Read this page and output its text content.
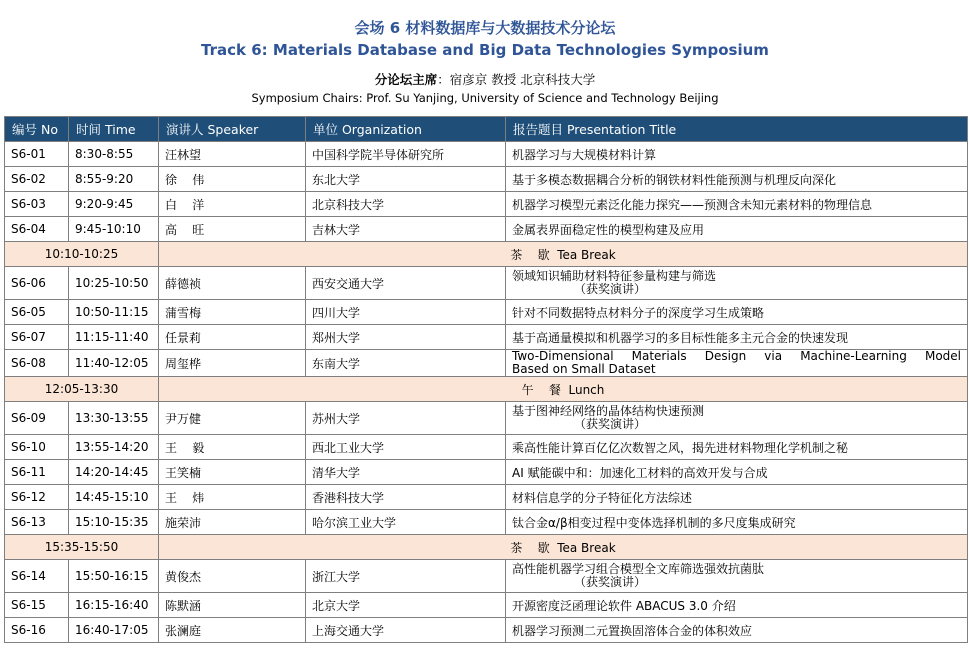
会场 6 材料数据库与大数据技术分论坛
Track 6: Materials Database and Big Data Technologies Symposium
分论坛主席：宿彦京 教授 北京科技大学
Symposium Chairs: Prof. Su Yanjing, University of Science and Technology Beijing
编号 No	时间 Time	演讲人 Speaker	单位 Organization	报告题目 Presentation Title
S6-01	8:30-8:55	汪林望	中国科学院半导体研究所	机器学习与大规模材料计算
S6-02	8:55-9:20	徐    伟	东北大学	基于多模态数据耦合分析的钢铁材料性能预测与机理反向深化
S6-03	9:20-9:45	白    洋	北京科技大学	机器学习模型元素泛化能力探究——预测含未知元素材料的物理信息
S6-04	9:45-10:10	高    旺	吉林大学	金属表界面稳定性的模型构建及应用
10:10-10:25		茶    歇  Tea Break		
S6-06	10:25-10:50	薛德祯	西安交通大学	领域知识辅助材料特征参量构建与筛选
（获奖演讲）

S6-05	10:50-11:15	蒲雪梅	四川大学	针对不同数据特点材料分子的深度学习生成策略
S6-07	11:15-11:40	任景莉	郑州大学	基于高通量模拟和机器学习的多目标性能多主元合金的快速发现
S6-08	11:40-12:05	周玺桦	东南大学	Two-Dimensional Materials Design via Machine-Learning Model
Based on Small Dataset

12:05-13:30		午    餐  Lunch		
S6-09	13:30-13:55	尹万健	苏州大学	基于图神经网络的晶体结构快速预测
（获奖演讲）

S6-10	13:55-14:20	王    毅	西北工业大学	乘高性能计算百亿亿次数智之风，揭先进材料物理化学机制之秘
S6-11	14:20-14:45	王笑楠	清华大学	AI 赋能碳中和：加速化工材料的高效开发与合成
S6-12	14:45-15:10	王    炜	香港科技大学	材料信息学的分子特征化方法综述
S6-13	15:10-15:35	施荣沛	哈尔滨工业大学	钛合金α/β相变过程中变体选择机制的多尺度集成研究
15:35-15:50		茶    歇  Tea Break		
S6-14	15:50-16:15	黄俊杰	浙江大学	高性能机器学习组合模型全文库筛选强效抗菌肽
（获奖演讲）

S6-15	16:15-16:40	陈默涵	北京大学	开源密度泛函理论软件 ABACUS 3.0 介绍
S6-16	16:40-17:05	张澜庭	上海交通大学	机器学习预测二元置换固溶体合金的体积效应
